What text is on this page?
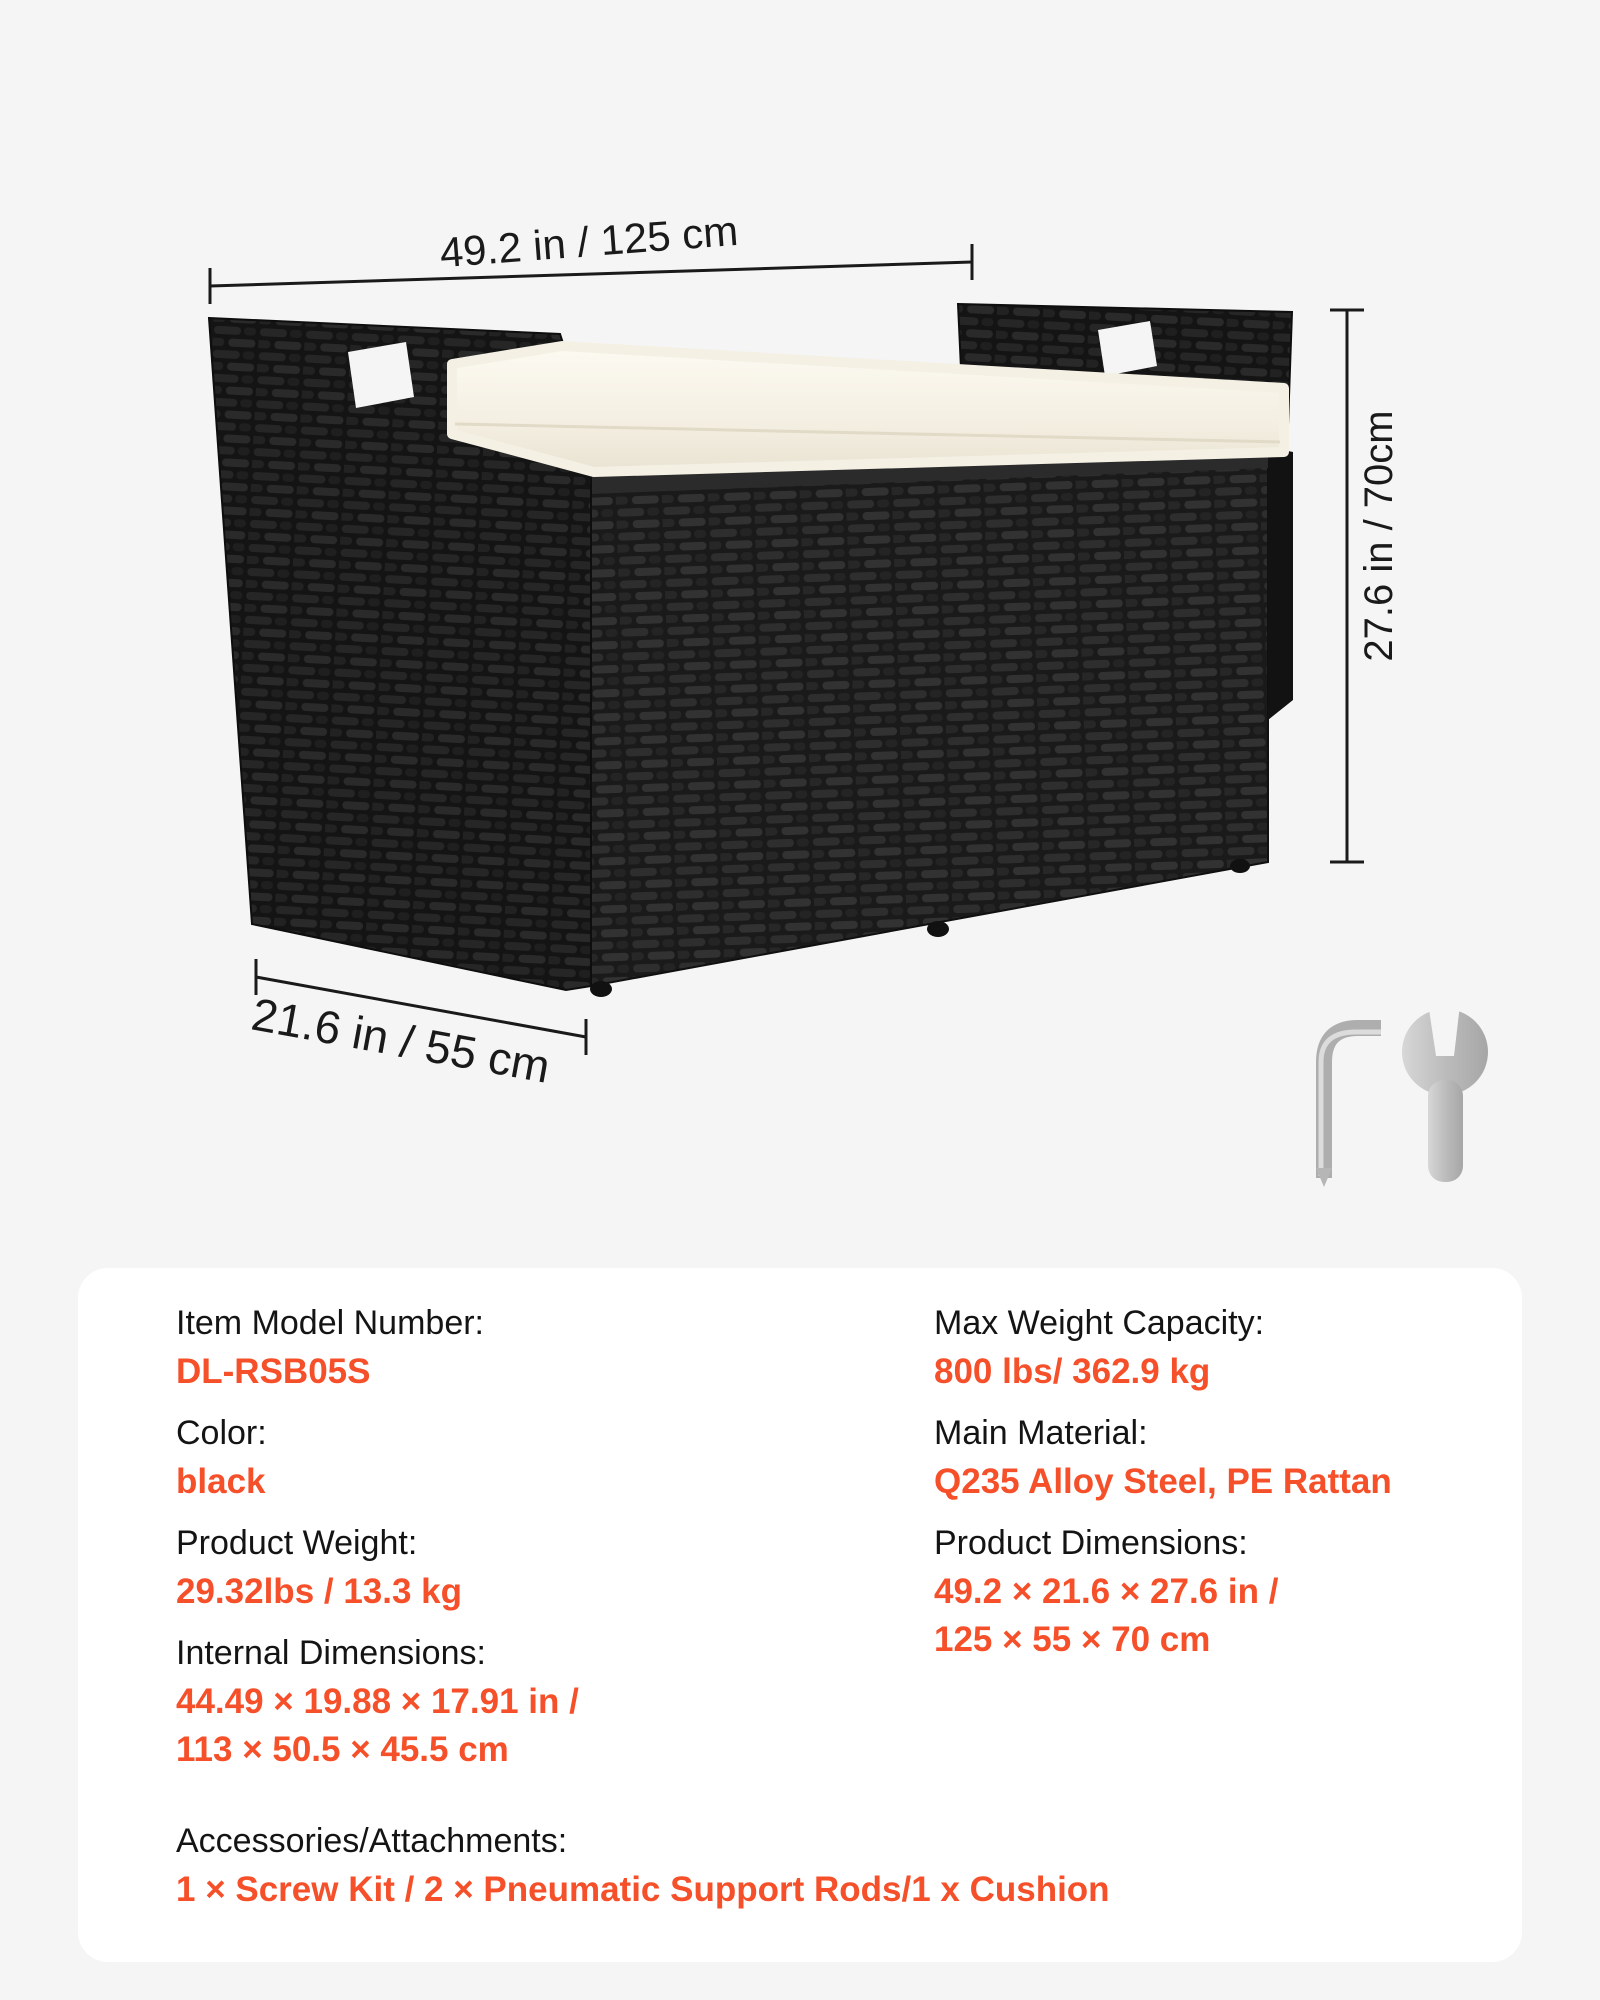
49.2 in / 125 cm
27.6 in / 70cm
21.6 in / 55 cm
Item Model Number:
DL-RSB05S
Color:
black
Product Weight:
29.32lbs / 13.3 kg
Internal Dimensions:
44.49 × 19.88 × 17.91 in /
113 × 50.5 × 45.5 cm
Max Weight Capacity:
800 lbs/ 362.9 kg
Main Material:
Q235 Alloy Steel, PE Rattan
Product Dimensions:
49.2 × 21.6 × 27.6 in /
125 × 55 × 70 cm
Accessories/Attachments:
1 × Screw Kit / 2 × Pneumatic Support Rods/1 x Cushion
